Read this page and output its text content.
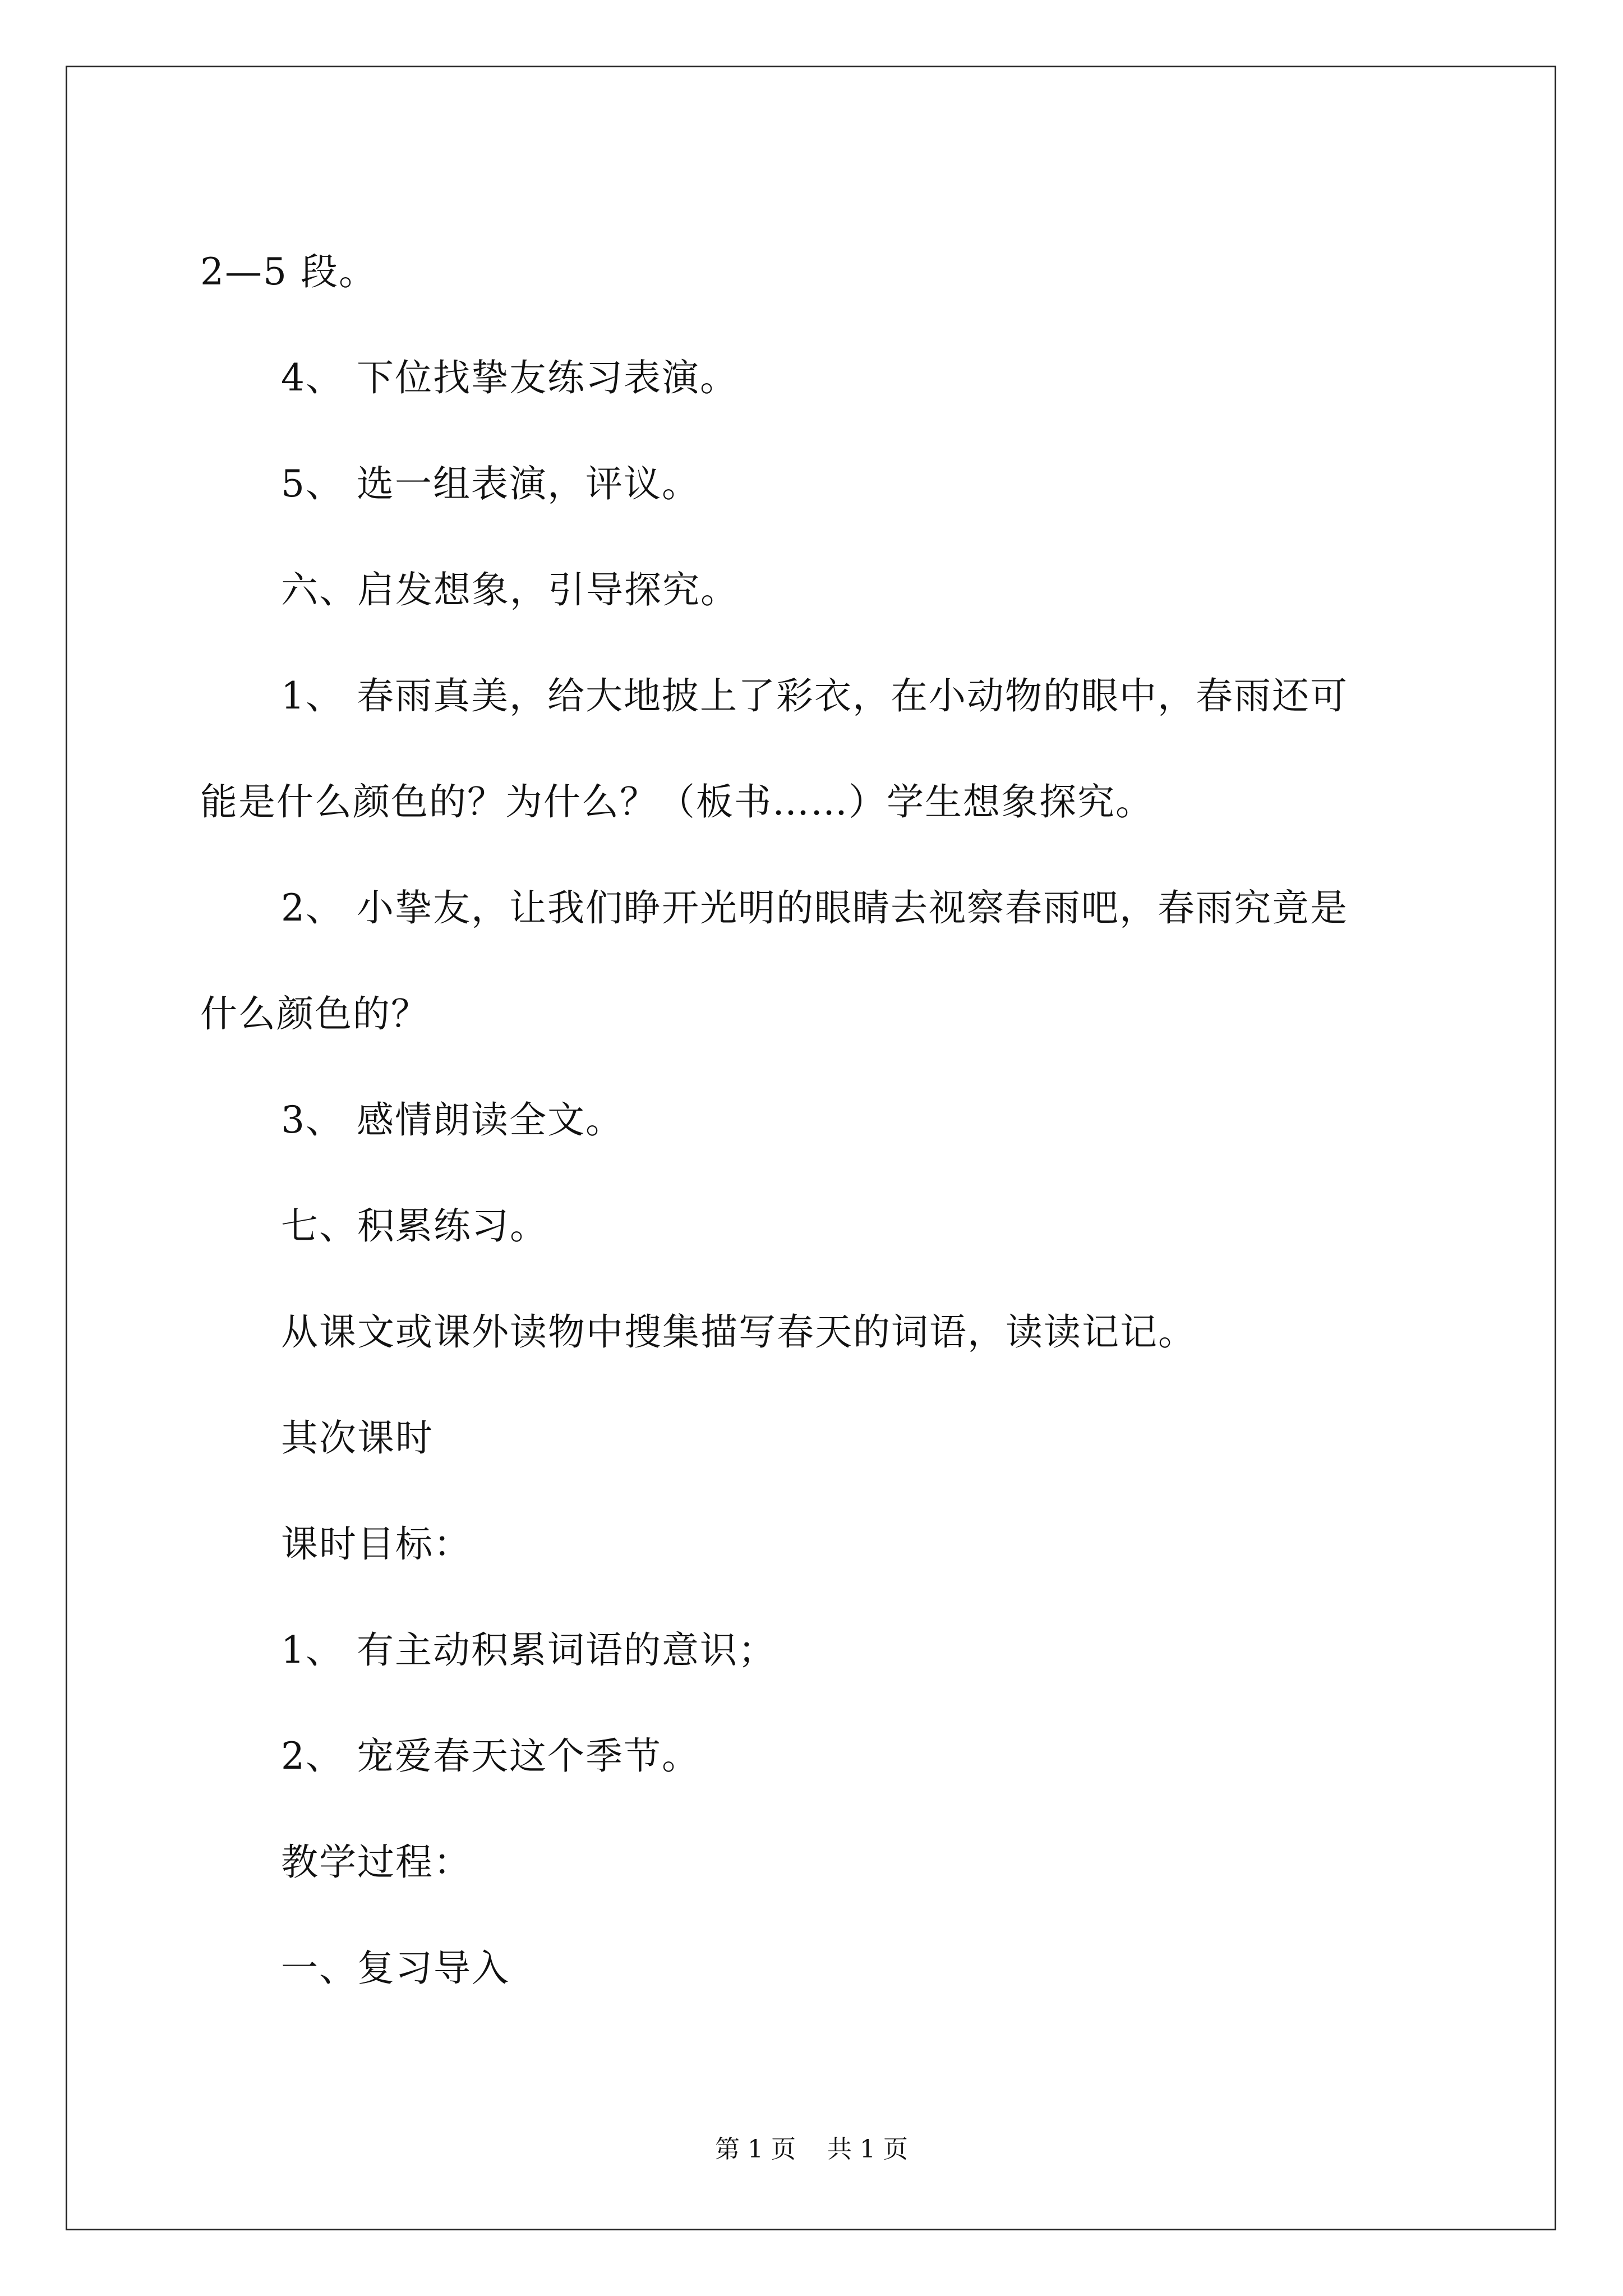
2—5 段。
4、 下位找挚友练习表演。
5、 选一组表演，评议。
六、启发想象，引导探究。
1、 春雨真美，给大地披上了彩衣，在小动物的眼中，春雨还可
能是什么颜色的？为什么？（板书……）学生想象探究。
2、 小挚友，让我们睁开光明的眼睛去视察春雨吧，春雨究竟是
什么颜色的？
3、 感情朗读全文。
七、积累练习。
从课文或课外读物中搜集描写春天的词语，读读记记。
其次课时
课时目标：
1、 有主动积累词语的意识；
2、 宠爱春天这个季节。
教学过程：
一、复习导入
第 1 页    共 1 页
